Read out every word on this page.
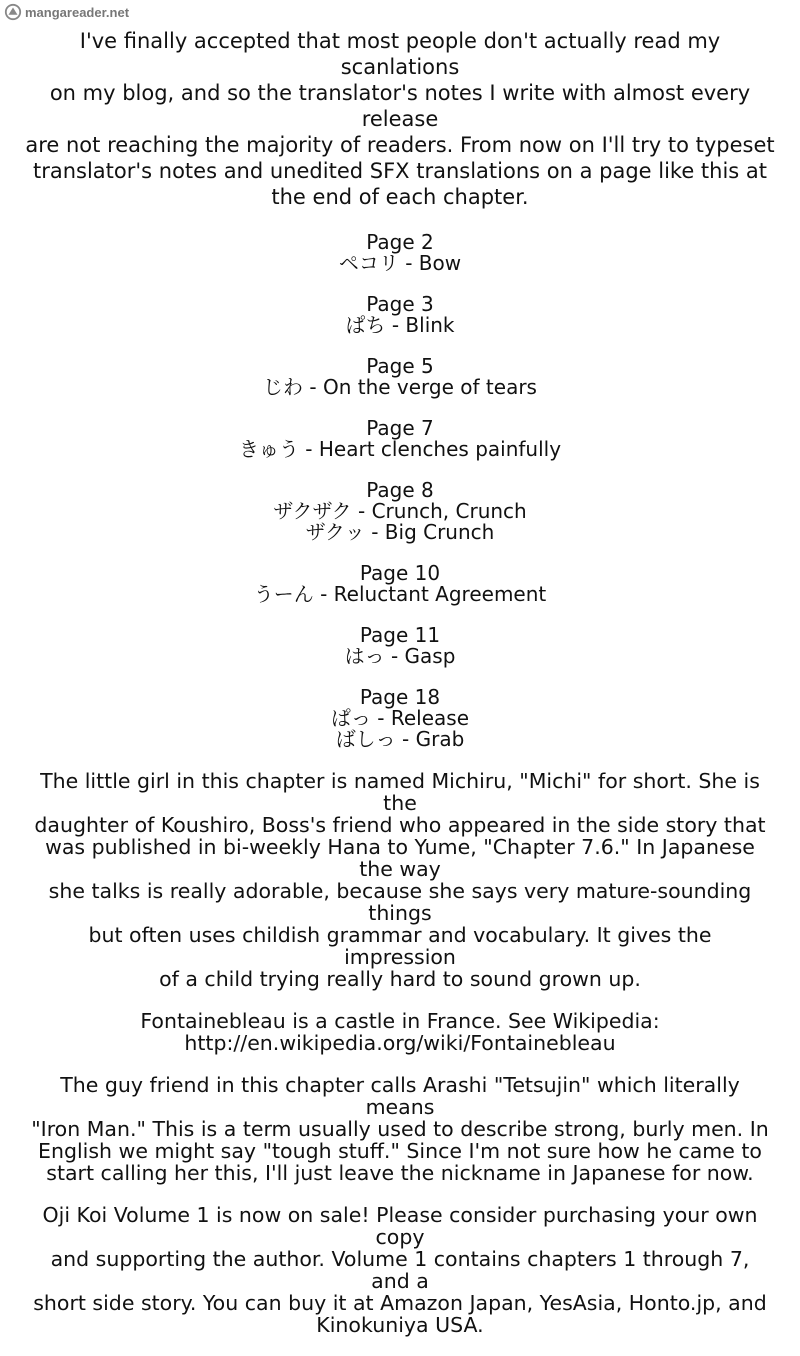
mangareader.net
I've finally accepted that most people don't actually read my scanlations
on my blog, and so the translator's notes I write with almost every release
are not reaching the majority of readers. From now on I'll try to typeset
translator's notes and unedited SFX translations on a page like this at
the end of each chapter.
Page 2
ペコリ - Bow
Page 3
ぱち - Blink
Page 5
じわ - On the verge of tears
Page 7
きゅう - Heart clenches painfully
Page 8
ザクザク - Crunch, Crunch
ザクッ - Big Crunch
Page 10
うーん - Reluctant Agreement
Page 11
はっ - Gasp
Page 18
ぱっ - Release
ばしっ - Grab
The little girl in this chapter is named Michiru, "Michi" for short. She is the
daughter of Koushiro, Boss's friend who appeared in the side story that
was published in bi-weekly Hana to Yume, "Chapter 7.6." In Japanese the way
she talks is really adorable, because she says very mature-sounding things
but often uses childish grammar and vocabulary. It gives the impression
of a child trying really hard to sound grown up.
Fontainebleau is a castle in France. See Wikipedia:
http://en.wikipedia.org/wiki/Fontainebleau
The guy friend in this chapter calls Arashi "Tetsujin" which literally means
"Iron Man." This is a term usually used to describe strong, burly men. In
English we might say "tough stuff." Since I'm not sure how he came to
start calling her this, I'll just leave the nickname in Japanese for now.
Oji Koi Volume 1 is now on sale! Please consider purchasing your own copy
and supporting the author. Volume 1 contains chapters 1 through 7, and a
short side story. You can buy it at Amazon Japan, YesAsia, Honto.jp, and
Kinokuniya USA.
